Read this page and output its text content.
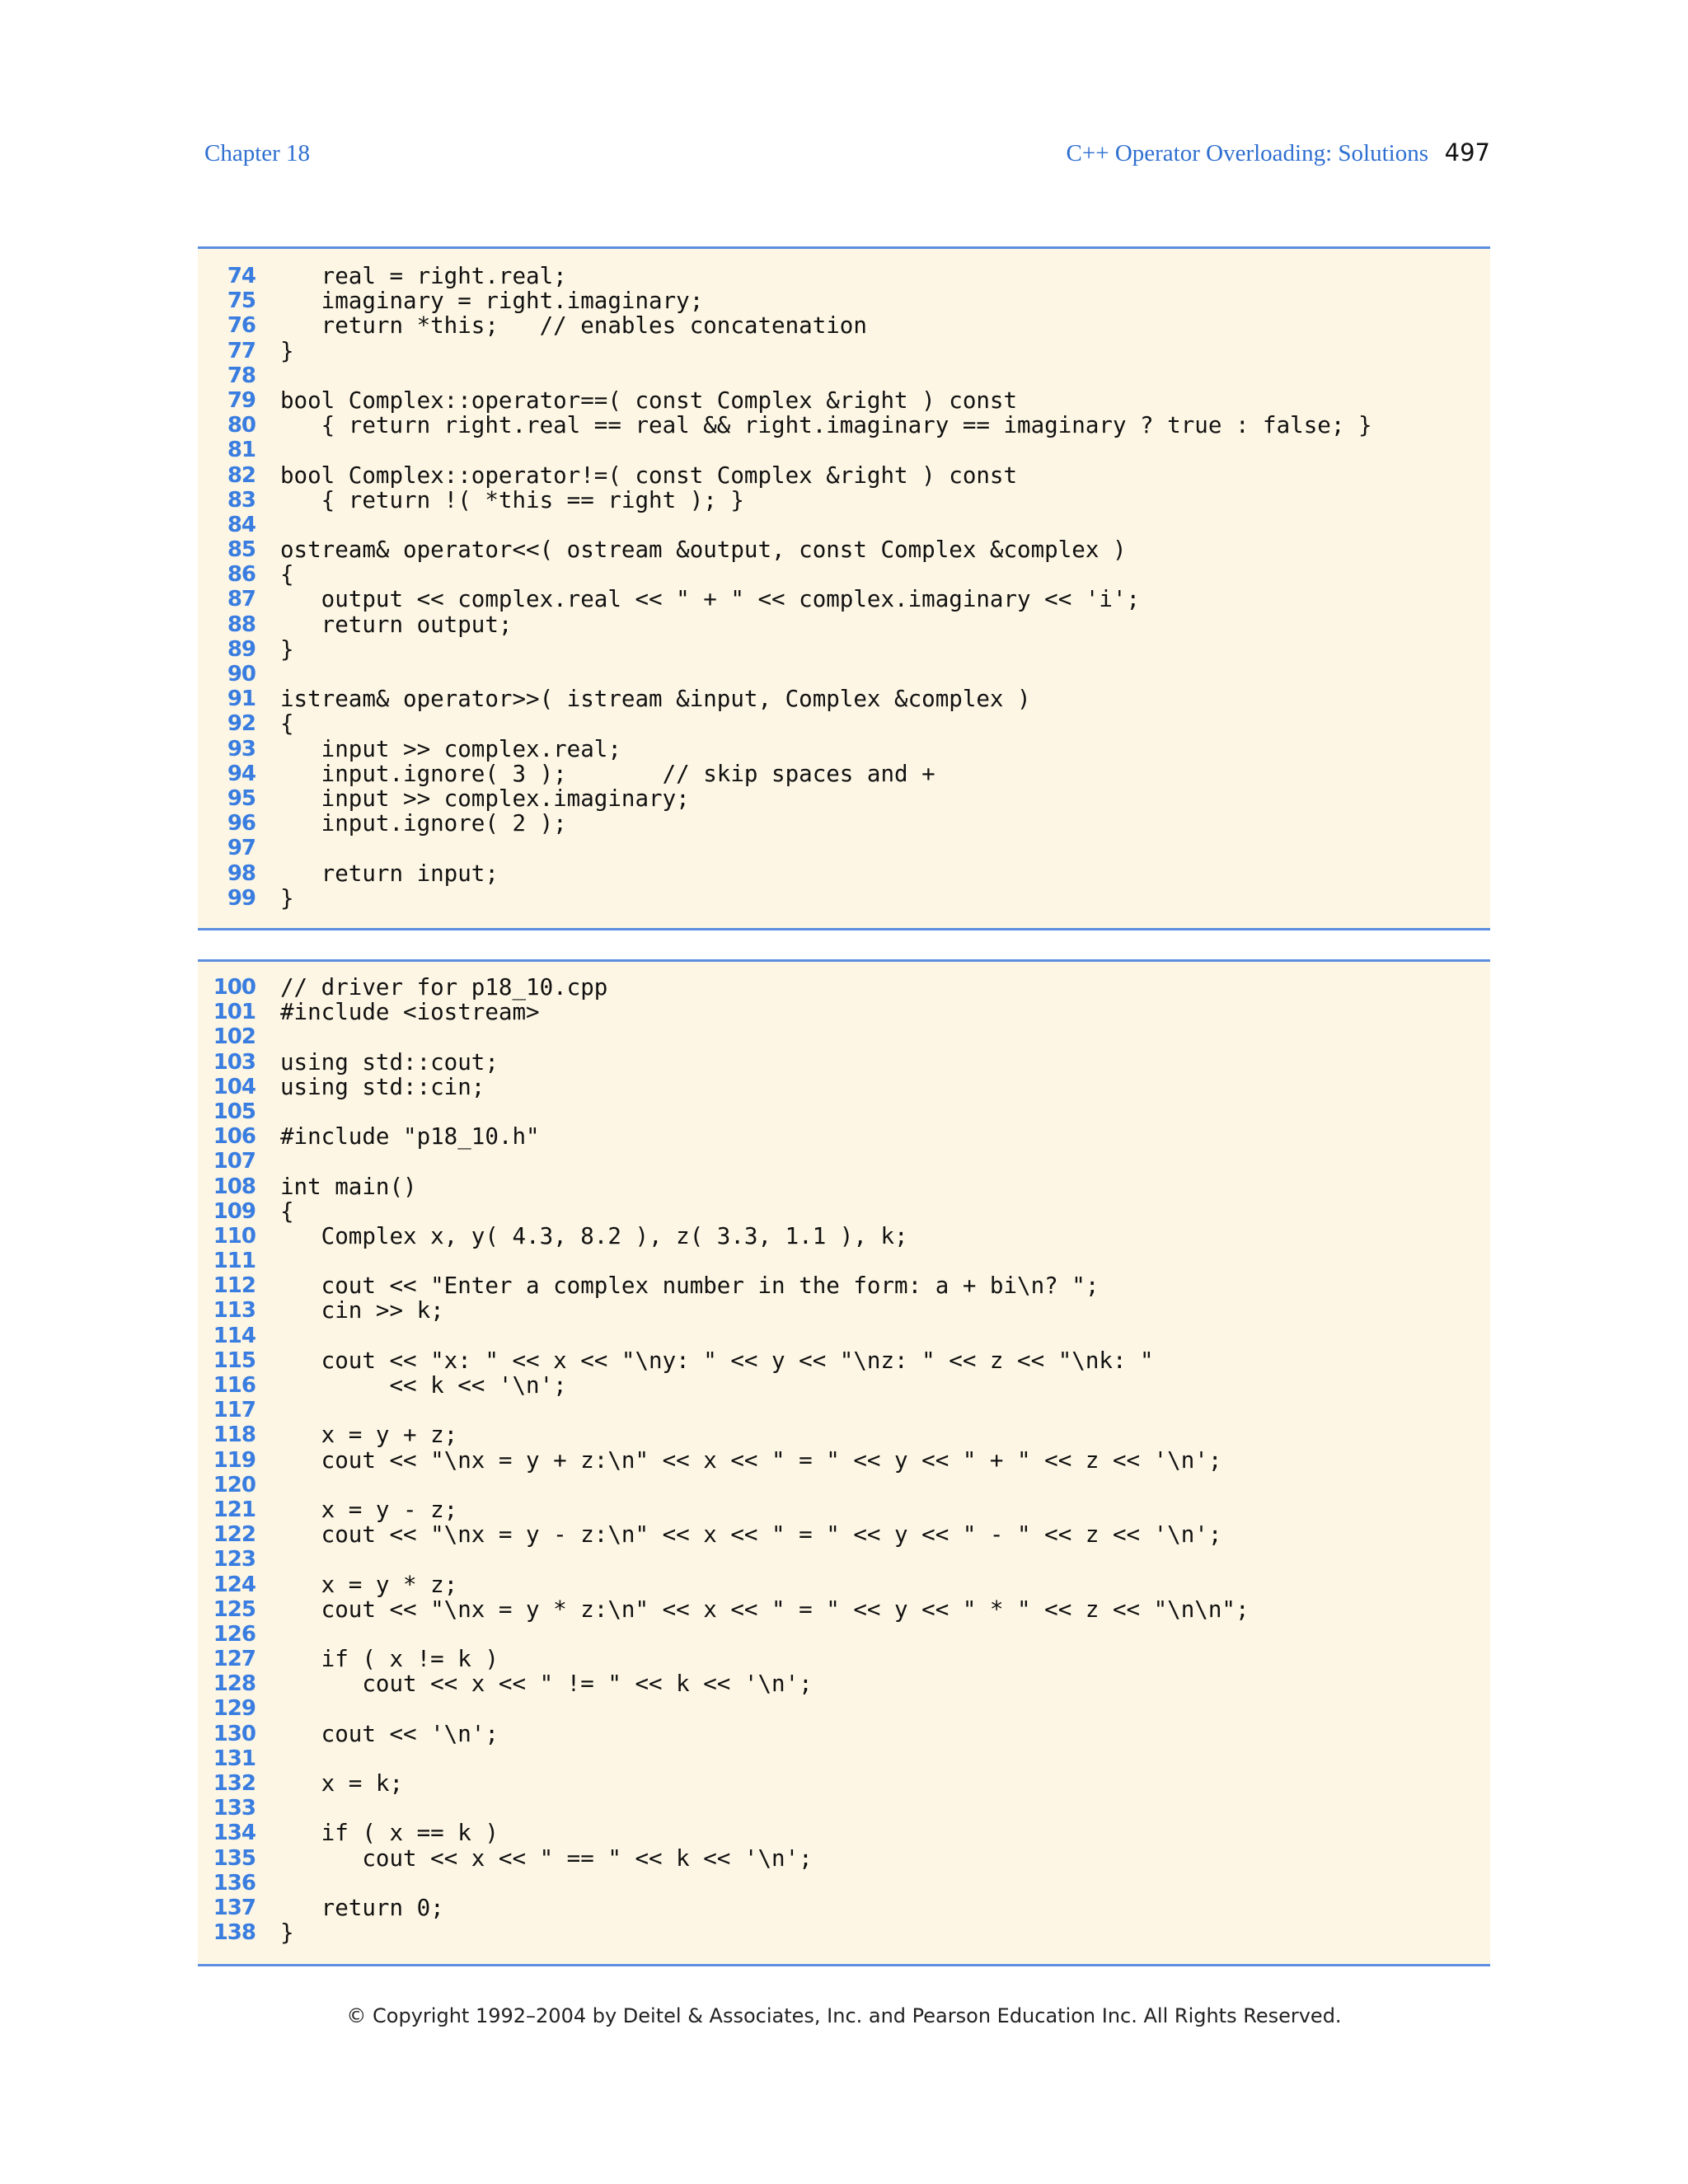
Chapter 18	C++ Operator Overloading: Solutions 497
74 real = right.real;
75 imaginary = right.imaginary;
76 return *this;   // enables concatenation
77 }
78
79 bool Complex::operator==( const Complex &right ) const
80 { return right.real == real && right.imaginary == imaginary ? true : false; }
81
82 bool Complex::operator!=( const Complex &right ) const
83 { return !( *this == right ); }
84
85 ostream& operator<<( ostream &output, const Complex &complex )
86 {
87 output << complex.real << " + " << complex.imaginary << 'i';
88 return output;
89 }
90
91 istream& operator>>( istream &input, Complex &complex )
92 {
93 input >> complex.real;
94 input.ignore( 3 );       // skip spaces and +
95 input >> complex.imaginary;
96 input.ignore( 2 );
97
98 return input;
99 }
100 // driver for p18_10.cpp
101 #include <iostream>
102
103 using std::cout;
104 using std::cin;
105
106 #include "p18_10.h"
107
108 int main()
109 {
110 Complex x, y( 4.3, 8.2 ), z( 3.3, 1.1 ), k;
111
112 cout << "Enter a complex number in the form: a + bi\n? ";
113 cin >> k;
114
115 cout << "x: " << x << "\ny: " << y << "\nz: " << z << "\nk: "
116 << k << '\n';
117
118 x = y + z;
119 cout << "\nx = y + z:\n" << x << " = " << y << " + " << z << '\n';
120
121 x = y - z;
122 cout << "\nx = y - z:\n" << x << " = " << y << " - " << z << '\n';
123
124 x = y * z;
125 cout << "\nx = y * z:\n" << x << " = " << y << " * " << z << "\n\n";
126
127 if ( x != k )
128 cout << x << " != " << k << '\n';
129
130 cout << '\n';
131
132 x = k;
133
134 if ( x == k )
135 cout << x << " == " << k << '\n';
136
137 return 0;
138 }
© Copyright 1992–2004 by Deitel & Associates, Inc. and Pearson Education Inc. All Rights Reserved.
